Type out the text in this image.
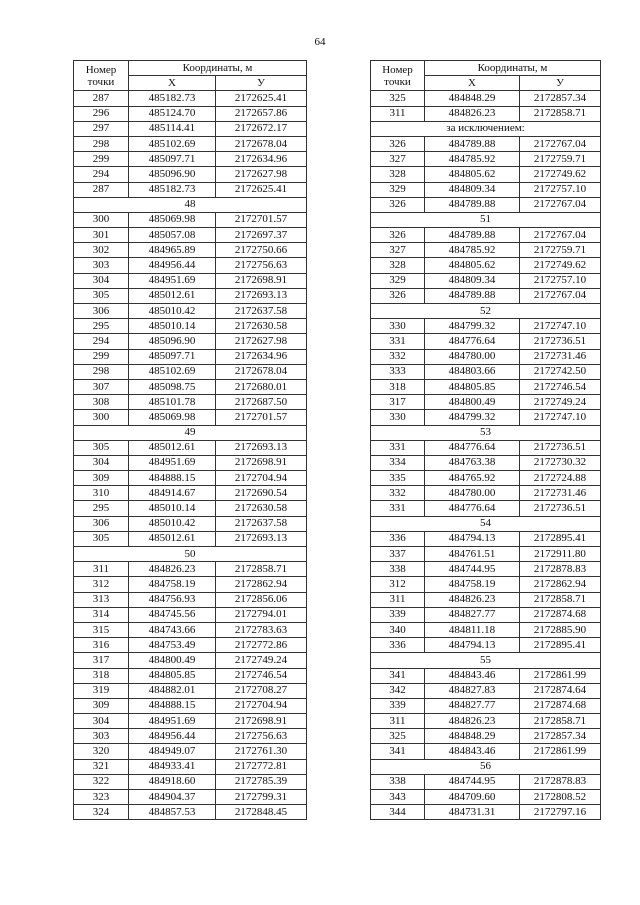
64
Номер
точки	Координаты, м	
	X	У
287	485182.73	2172625.41
296	485124.70	2172657.86
297	485114.41	2172672.17
298	485102.69	2172678.04
299	485097.71	2172634.96
294	485096.90	2172627.98
287	485182.73	2172625.41
48		
300	485069.98	2172701.57
301	485057.08	2172697.37
302	484965.89	2172750.66
303	484956.44	2172756.63
304	484951.69	2172698.91
305	485012.61	2172693.13
306	485010.42	2172637.58
295	485010.14	2172630.58
294	485096.90	2172627.98
299	485097.71	2172634.96
298	485102.69	2172678.04
307	485098.75	2172680.01
308	485101.78	2172687.50
300	485069.98	2172701.57
49		
305	485012.61	2172693.13
304	484951.69	2172698.91
309	484888.15	2172704.94
310	484914.67	2172690.54
295	485010.14	2172630.58
306	485010.42	2172637.58
305	485012.61	2172693.13
50		
311	484826.23	2172858.71
312	484758.19	2172862.94
313	484756.93	2172856.06
314	484745.56	2172794.01
315	484743.66	2172783.63
316	484753.49	2172772.86
317	484800.49	2172749.24
318	484805.85	2172746.54
319	484882.01	2172708.27
309	484888.15	2172704.94
304	484951.69	2172698.91
303	484956.44	2172756.63
320	484949.07	2172761.30
321	484933.41	2172772.81
322	484918.60	2172785.39
323	484904.37	2172799.31
324	484857.53	2172848.45
Номер
точки	Координаты, м	
	X	У
325	484848.29	2172857.34
311	484826.23	2172858.71
за исключением:		
326	484789.88	2172767.04
327	484785.92	2172759.71
328	484805.62	2172749.62
329	484809.34	2172757.10
326	484789.88	2172767.04
51		
326	484789.88	2172767.04
327	484785.92	2172759.71
328	484805.62	2172749.62
329	484809.34	2172757.10
326	484789.88	2172767.04
52		
330	484799.32	2172747.10
331	484776.64	2172736.51
332	484780.00	2172731.46
333	484803.66	2172742.50
318	484805.85	2172746.54
317	484800.49	2172749.24
330	484799.32	2172747.10
53		
331	484776.64	2172736.51
334	484763.38	2172730.32
335	484765.92	2172724.88
332	484780.00	2172731.46
331	484776.64	2172736.51
54		
336	484794.13	2172895.41
337	484761.51	2172911.80
338	484744.95	2172878.83
312	484758.19	2172862.94
311	484826.23	2172858.71
339	484827.77	2172874.68
340	484811.18	2172885.90
336	484794.13	2172895.41
55		
341	484843.46	2172861.99
342	484827.83	2172874.64
339	484827.77	2172874.68
311	484826.23	2172858.71
325	484848.29	2172857.34
341	484843.46	2172861.99
56		
338	484744.95	2172878.83
343	484709.60	2172808.52
344	484731.31	2172797.16
